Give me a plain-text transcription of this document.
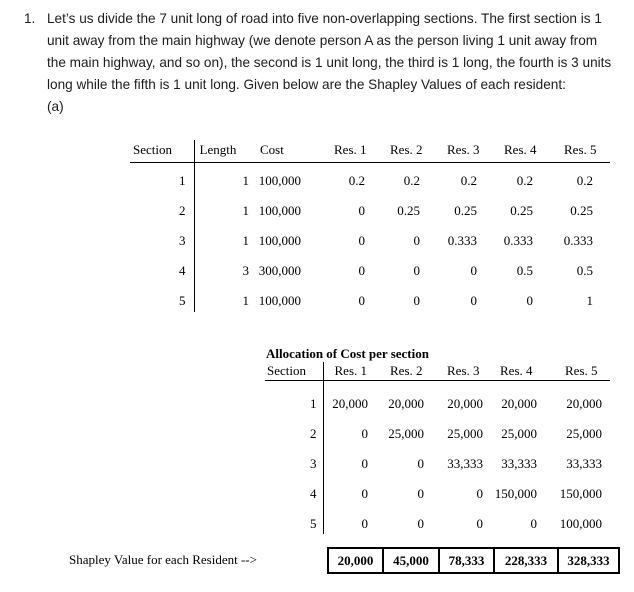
1. Let’s us divide the 7 unit long of road into five non-overlapping sections. The first section is 1 unit away from the main highway (we denote person A as the person living 1 unit away from the main highway, and so on), the second is 1 unit long, the third is 1 long, the fourth is 3 units long while the fifth is 1 unit long. Given below are the Shapley Values of each resident:
(a)
Section	Length	Cost	Res. 1	Res. 2	Res. 3	Res. 4	Res. 5
1	1	100,000	0.2	0.2	0.2	0.2	0.2
2	1	100,000	0	0.25	0.25	0.25	0.25
3	1	100,000	0	0	0.333	0.333	0.333
4	3	300,000	0	0	0	0.5	0.5
5	1	100,000	0	0	0	0	1
Allocation of Cost per section
Section	Res. 1	Res. 2	Res. 3	Res. 4	Res. 5
1	20,000	20,000	20,000	20,000	20,000
2	0	25,000	25,000	25,000	25,000
3	0	0	33,333	33,333	33,333
4	0	0	0	150,000	150,000
5	0	0	0	0	100,000
Shapley Value for each Resident -->	20,000	45,000	78,333	228,333	328,333
